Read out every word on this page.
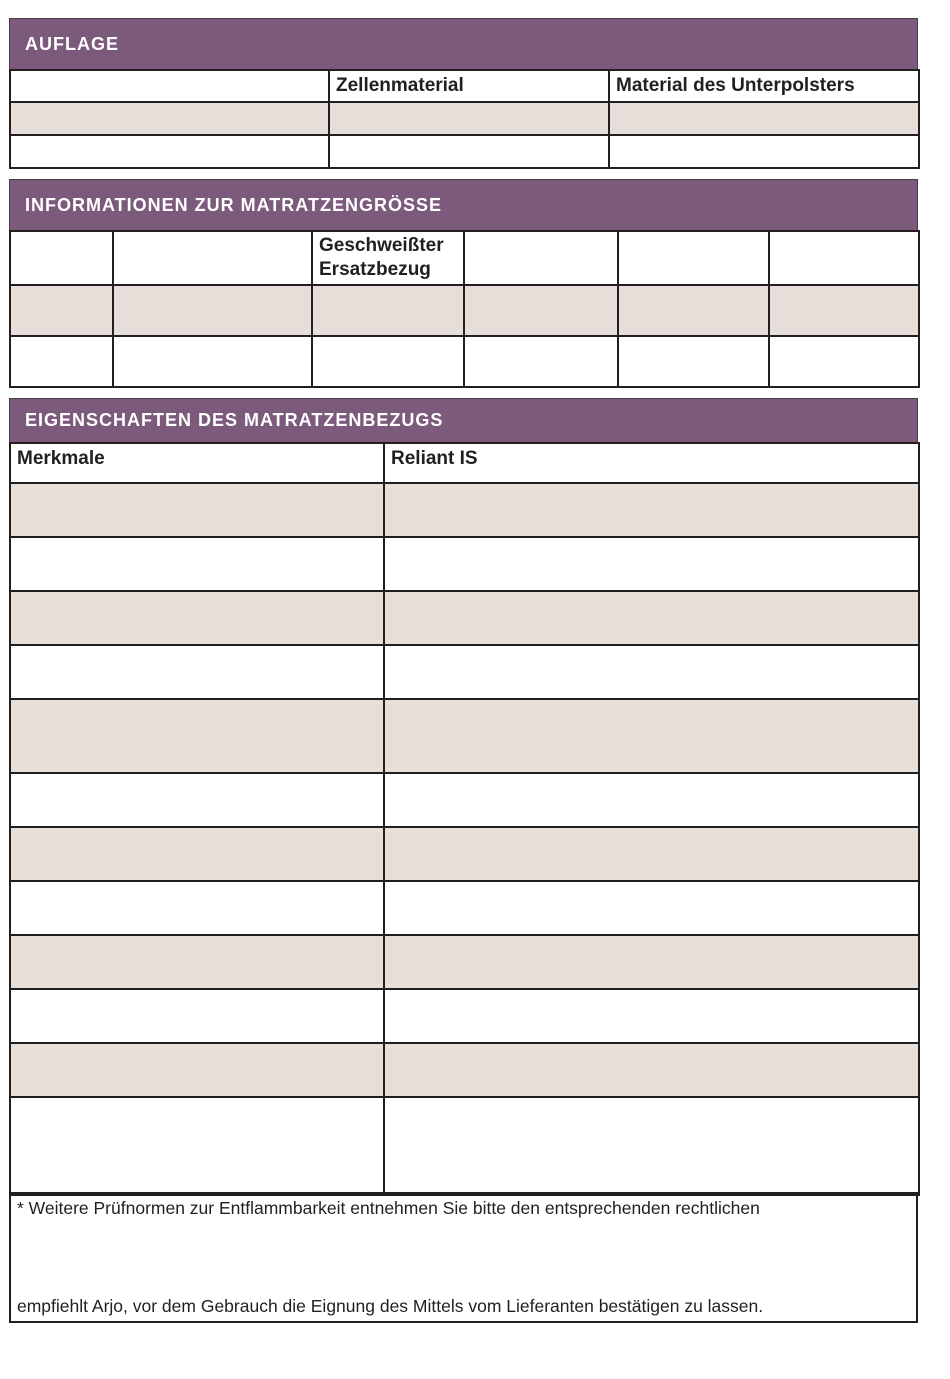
AUFLAGE
	Zellenmaterial	Material des Unterpolsters

INFORMATIONEN ZUR MATRATZENGRÖSSE

		Geschweißter
Ersatzbezug			

EIGENSCHAFTEN DES MATRATZENBEZUGS
Merkmale	Reliant IS

* Weitere Prüfnormen zur Entflammbarkeit entnehmen Sie bitte den entsprechenden rechtlichen
empfiehlt Arjo, vor dem Gebrauch die Eignung des Mittels vom Lieferanten bestätigen zu lassen.
